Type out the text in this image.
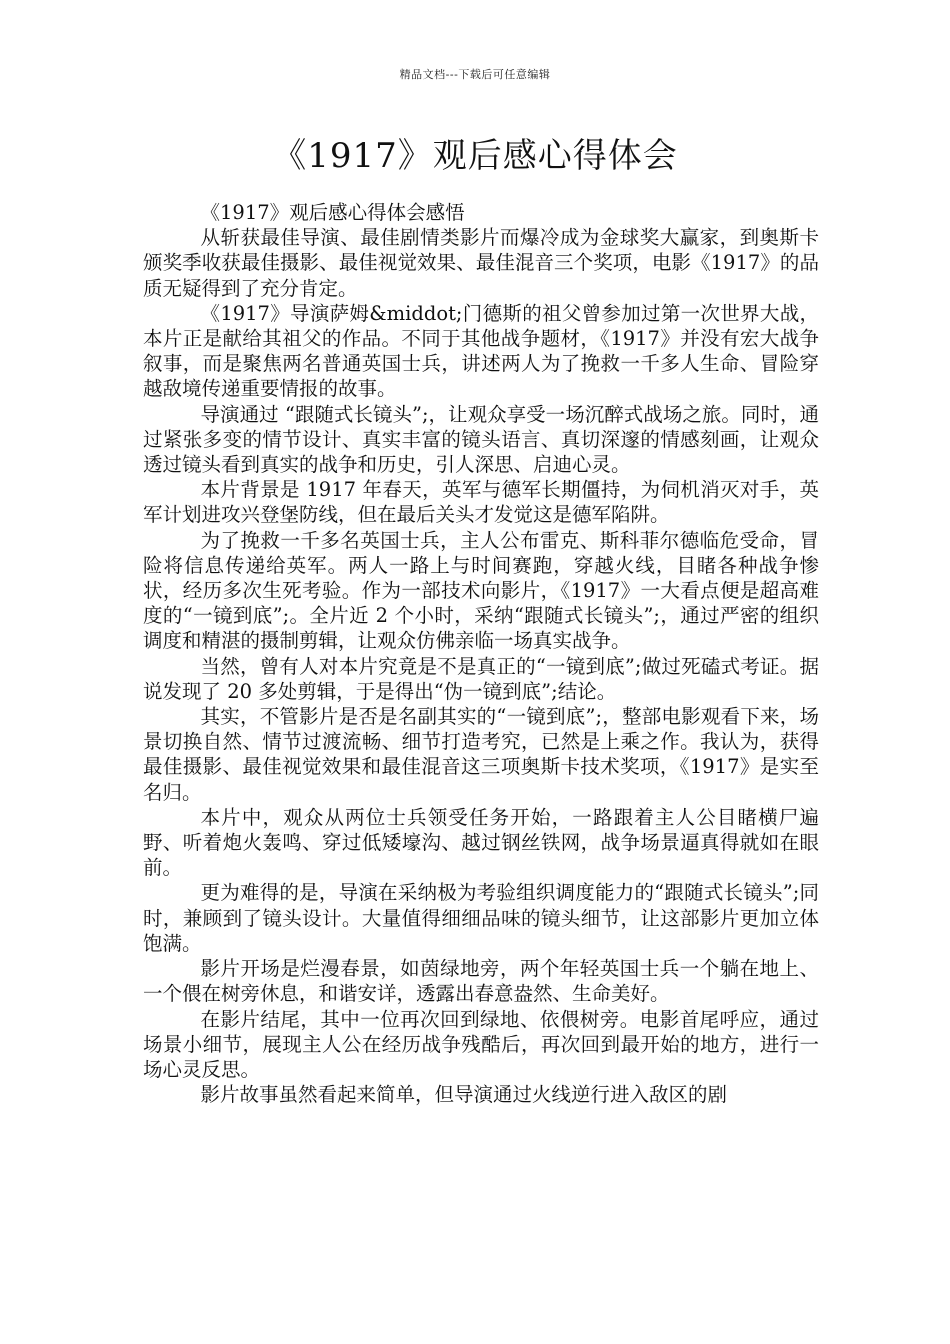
精品文档---下载后可任意编辑
《1917》观后感心得体会

《1917》观后感心得体会感悟

从斩获最佳导演、最佳剧情类影片而爆冷成为金球奖大赢家，到奥斯卡颁奖季收获最佳摄影、最佳视觉效果、最佳混音三个奖项，电影《1917》的品质无疑得到了充分肯定。

《1917》导演萨姆&middot;门德斯的祖父曾参加过第一次世界大战，本片正是献给其祖父的作品。不同于其他战争题材，《1917》并没有宏大战争叙事，而是聚焦两名普通英国士兵，讲述两人为了挽救一千多人生命、冒险穿越敌境传递重要情报的故事。

导演通过 “跟随式长镜头”;，让观众享受一场沉醉式战场之旅。同时，通过紧张多变的情节设计、真实丰富的镜头语言、真切深邃的情感刻画，让观众透过镜头看到真实的战争和历史，引人深思、启迪心灵。

本片背景是 1917 年春天，英军与德军长期僵持，为伺机消灭对手，英军计划进攻兴登堡防线，但在最后关头才发觉这是德军陷阱。

为了挽救一千多名英国士兵，主人公布雷克、斯科菲尔德临危受命，冒险将信息传递给英军。两人一路上与时间赛跑，穿越火线，目睹各种战争惨状，经历多次生死考验。作为一部技术向影片，《1917》一大看点便是超高难度的“一镜到底”;。全片近 2 个小时，采纳“跟随式长镜头”;，通过严密的组织调度和精湛的摄制剪辑，让观众仿佛亲临一场真实战争。

当然，曾有人对本片究竟是不是真正的“一镜到底”;做过死磕式考证。据说发现了 20 多处剪辑，于是得出“伪一镜到底”;结论。

其实，不管影片是否是名副其实的“一镜到底”;，整部电影观看下来，场景切换自然、情节过渡流畅、细节打造考究，已然是上乘之作。我认为，获得最佳摄影、最佳视觉效果和最佳混音这三项奥斯卡技术奖项，《1917》是实至名归。

本片中，观众从两位士兵领受任务开始，一路跟着主人公目睹横尸遍野、听着炮火轰鸣、穿过低矮壕沟、越过钢丝铁网，战争场景逼真得就如在眼前。

更为难得的是，导演在采纳极为考验组织调度能力的“跟随式长镜头”;同时，兼顾到了镜头设计。大量值得细细品味的镜头细节，让这部影片更加立体饱满。

影片开场是烂漫春景，如茵绿地旁，两个年轻英国士兵一个躺在地上、一个偎在树旁休息，和谐安详，透露出春意盎然、生命美好。

在影片结尾，其中一位再次回到绿地、依偎树旁。电影首尾呼应，通过场景小细节，展现主人公在经历战争残酷后，再次回到最开始的地方，进行一场心灵反思。

影片故事虽然看起来简单，但导演通过火线逆行进入敌区的剧
